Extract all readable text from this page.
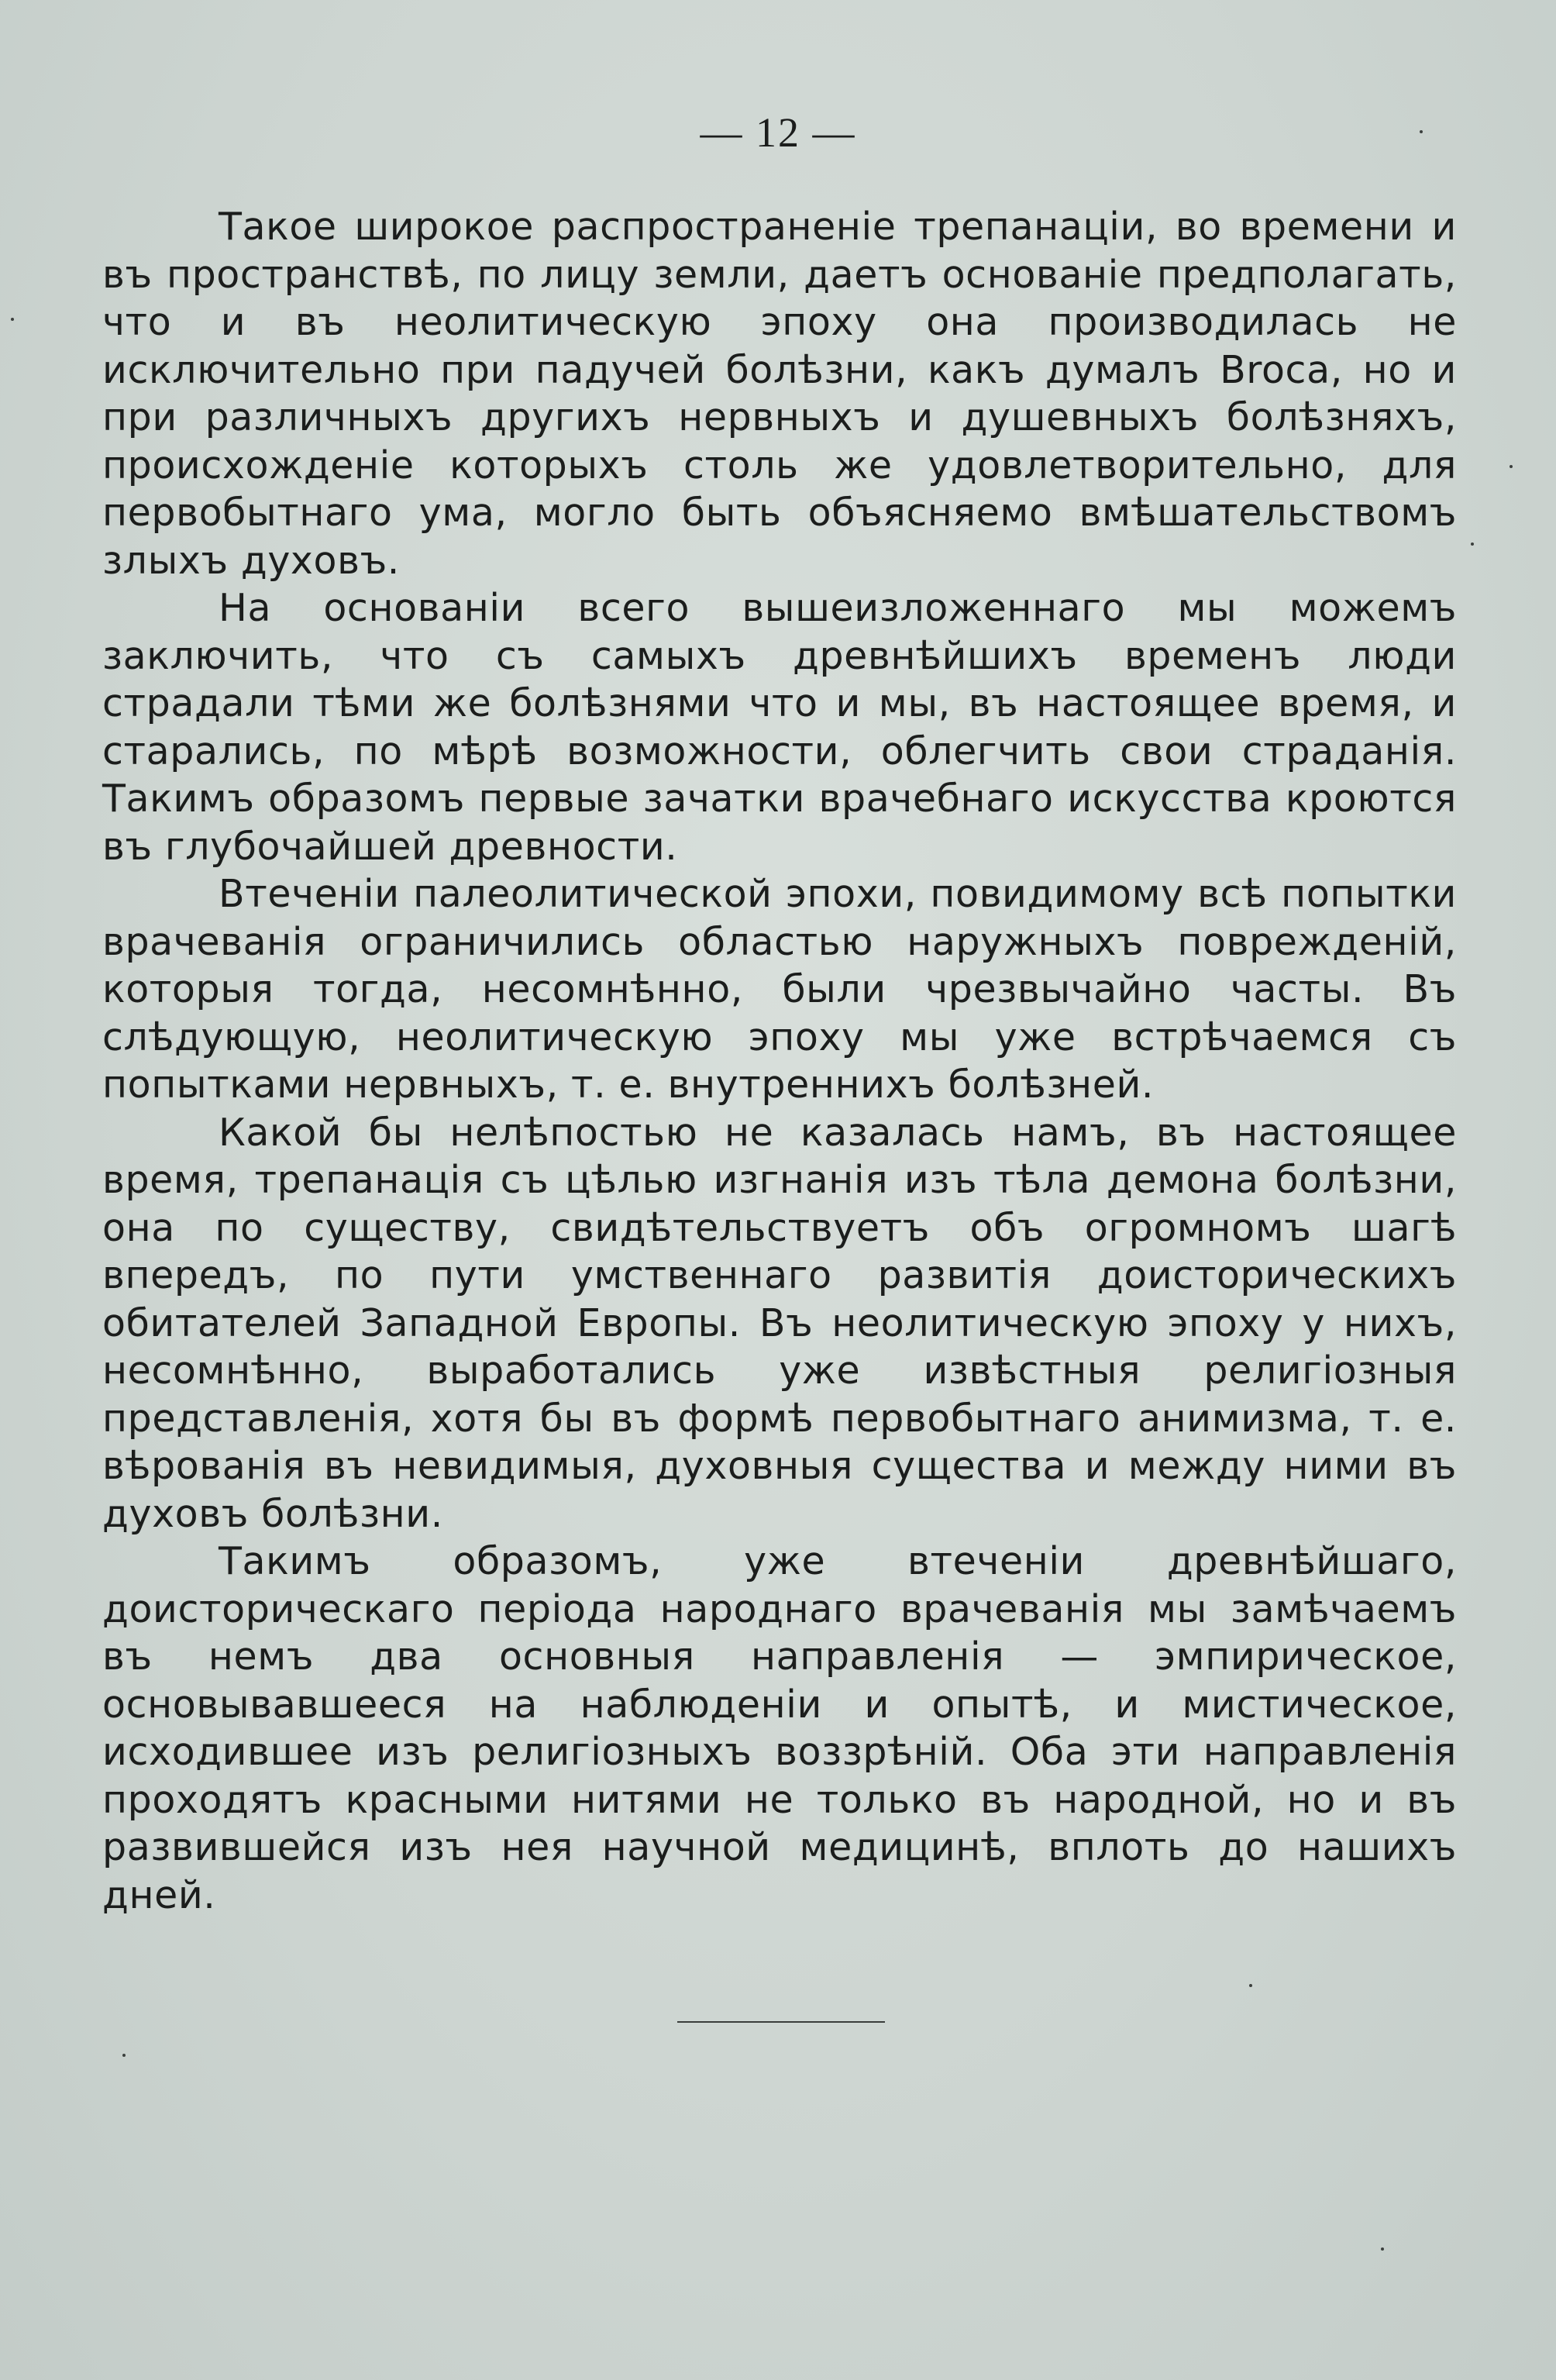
— 12 —

Такое широкое распространенiе трепанацiи, во времени и въ пространствѣ, по лицу земли, даетъ основанiе предполагать, что и въ неолитическую эпоху она производилась не исключительно при падучей болѣзни, какъ думалъ Broca, но и при различныхъ другихъ нервныхъ и душевныхъ болѣзняхъ, происхожденiе которыхъ столь же удовлетворительно, для первобытнаго ума, могло быть объясняемо вмѣшательствомъ злыхъ духовъ.

На основанiи всего вышеизложеннаго мы можемъ заключить, что съ самыхъ древнѣйшихъ временъ люди страдали тѣми же болѣзнями что и мы, въ настоящее время, и старались, по мѣрѣ возможности, облегчить свои страданiя. Такимъ образомъ первые зачатки врачебнаго искусства кроются въ глубочайшей древности.

Втеченiи палеолитической эпохи, повидимому всѣ попытки врачеванiя ограничились областью наружныхъ поврежденiй, которыя тогда, несомнѣнно, были чрезвычайно часты. Въ слѣдующую, неолитическую эпоху мы уже встрѣчаемся съ попытками нервныхъ, т. е. внутреннихъ болѣзней.

Какой бы нелѣпостью не казалась намъ, въ настоящее время, трепанацiя съ цѣлью изгнанiя изъ тѣла демона болѣзни, она по существу, свидѣтельствуетъ объ огромномъ шагѣ впередъ, по пути умственнаго развитiя доисторическихъ обитателей Западной Европы. Въ неолитическую эпоху у нихъ, несомнѣнно, выработались уже извѣстныя религiозныя представленiя, хотя бы въ формѣ первобытнаго анимизма, т. е. вѣрованiя въ невидимыя, духовныя существа и между ними въ духовъ болѣзни.

Такимъ образомъ, уже втеченiи древнѣйшаго, доисторическаго перiода народнаго врачеванiя мы замѣчаемъ въ немъ два основныя направленiя — эмпирическое, основывавшееся на наблюденiи и опытѣ, и мистическое, исходившее изъ религiозныхъ воззрѣнiй. Оба эти направленiя проходятъ красными нитями не только въ народной, но и въ развившейся изъ нея научной медицинѣ, вплоть до нашихъ дней.
